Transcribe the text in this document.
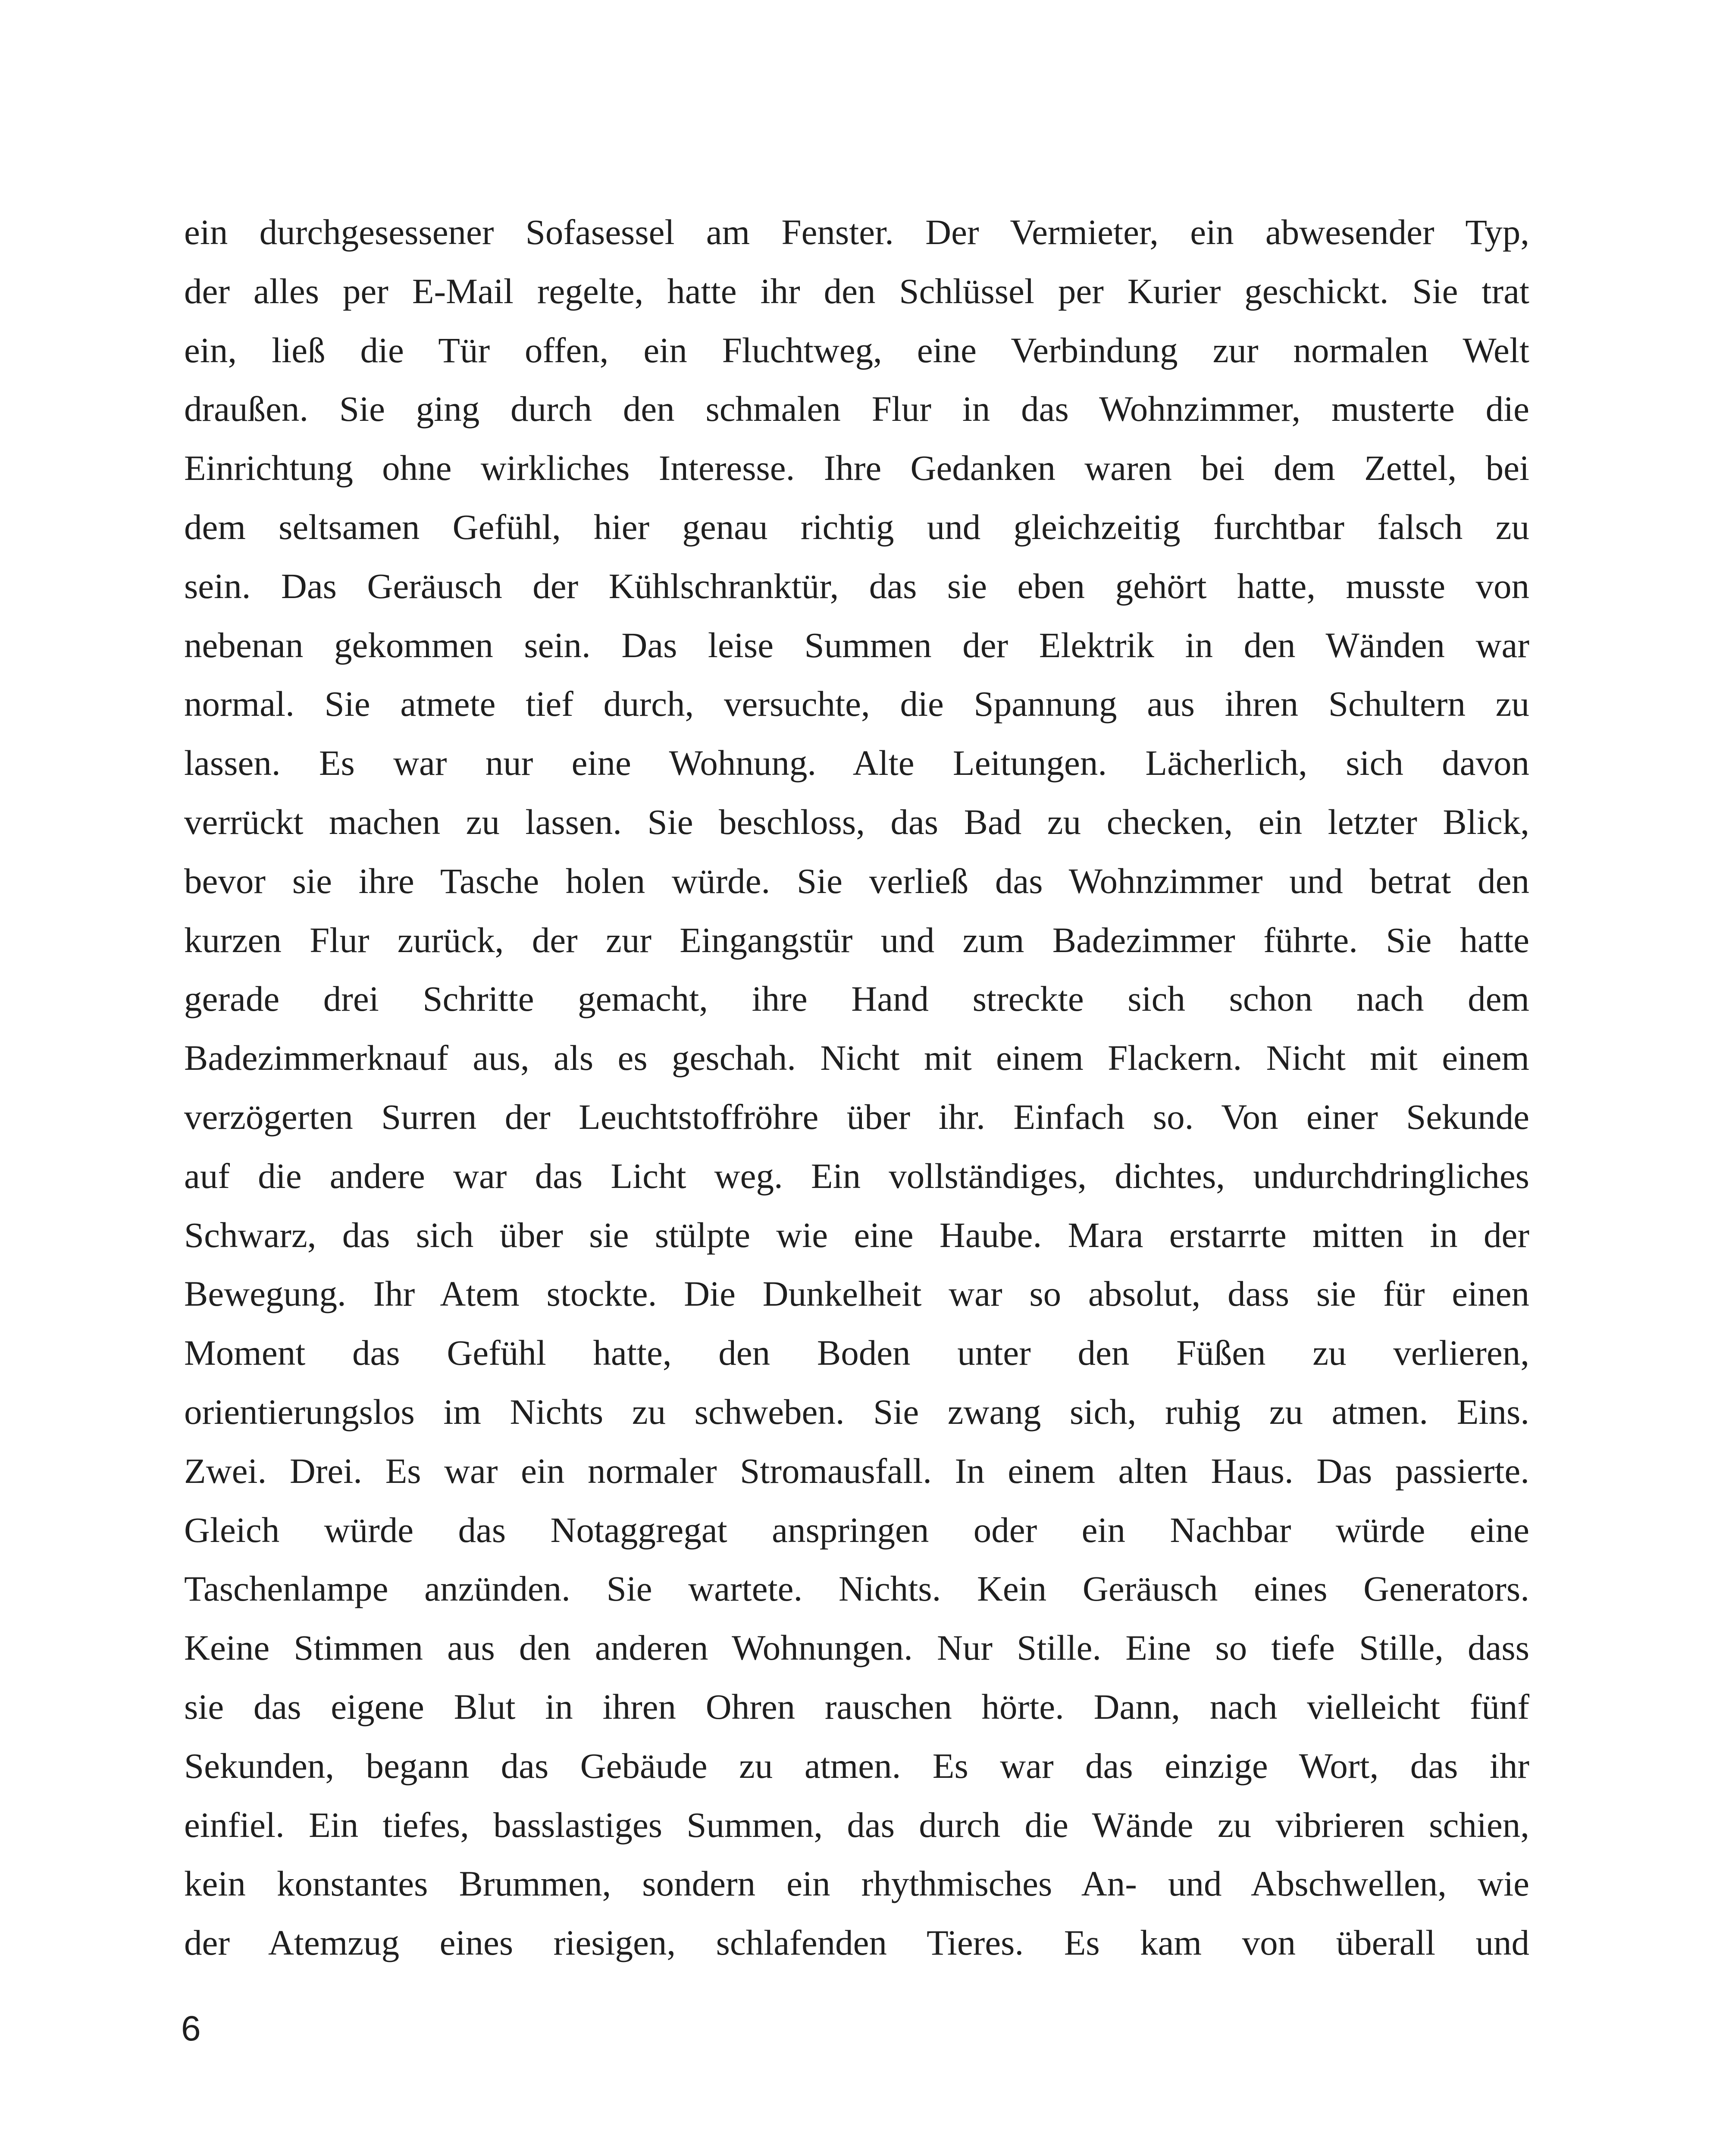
ein durchgesessener Sofasessel am Fenster. Der Vermieter, ein abwesender Typ,
der alles per E-Mail regelte, hatte ihr den Schlüssel per Kurier geschickt. Sie trat
ein, ließ die Tür offen, ein Fluchtweg, eine Verbindung zur normalen Welt
draußen. Sie ging durch den schmalen Flur in das Wohnzimmer, musterte die
Einrichtung ohne wirkliches Interesse. Ihre Gedanken waren bei dem Zettel, bei
dem seltsamen Gefühl, hier genau richtig und gleichzeitig furchtbar falsch zu
sein. Das Geräusch der Kühlschranktür, das sie eben gehört hatte, musste von
nebenan gekommen sein. Das leise Summen der Elektrik in den Wänden war
normal. Sie atmete tief durch, versuchte, die Spannung aus ihren Schultern zu
lassen. Es war nur eine Wohnung. Alte Leitungen. Lächerlich, sich davon
verrückt machen zu lassen. Sie beschloss, das Bad zu checken, ein letzter Blick,
bevor sie ihre Tasche holen würde. Sie verließ das Wohnzimmer und betrat den
kurzen Flur zurück, der zur Eingangstür und zum Badezimmer führte. Sie hatte
gerade drei Schritte gemacht, ihre Hand streckte sich schon nach dem
Badezimmerknauf aus, als es geschah. Nicht mit einem Flackern. Nicht mit einem
verzögerten Surren der Leuchtstoffröhre über ihr. Einfach so. Von einer Sekunde
auf die andere war das Licht weg. Ein vollständiges, dichtes, undurchdringliches
Schwarz, das sich über sie stülpte wie eine Haube. Mara erstarrte mitten in der
Bewegung. Ihr Atem stockte. Die Dunkelheit war so absolut, dass sie für einen
Moment das Gefühl hatte, den Boden unter den Füßen zu verlieren,
orientierungslos im Nichts zu schweben. Sie zwang sich, ruhig zu atmen. Eins.
Zwei. Drei. Es war ein normaler Stromausfall. In einem alten Haus. Das passierte.
Gleich würde das Notaggregat anspringen oder ein Nachbar würde eine
Taschenlampe anzünden. Sie wartete. Nichts. Kein Geräusch eines Generators.
Keine Stimmen aus den anderen Wohnungen. Nur Stille. Eine so tiefe Stille, dass
sie das eigene Blut in ihren Ohren rauschen hörte. Dann, nach vielleicht fünf
Sekunden, begann das Gebäude zu atmen. Es war das einzige Wort, das ihr
einfiel. Ein tiefes, basslastiges Summen, das durch die Wände zu vibrieren schien,
kein konstantes Brummen, sondern ein rhythmisches An- und Abschwellen, wie
der Atemzug eines riesigen, schlafenden Tieres. Es kam von überall und
6
